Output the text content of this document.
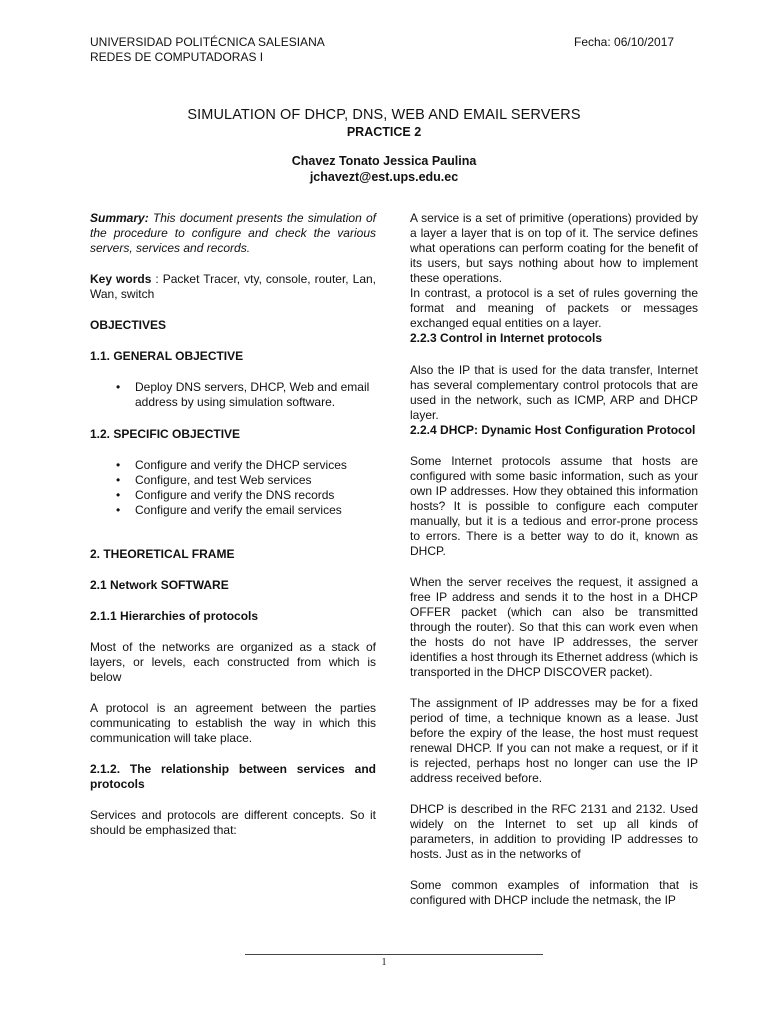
UNIVERSIDAD POLITÉCNICA SALESIANA
REDES DE COMPUTADORAS I
Fecha: 06/10/2017
SIMULATION OF DHCP, DNS, WEB AND EMAIL SERVERS
PRACTICE 2
Chavez Tonato Jessica Paulina
jchavezt@est.ups.edu.ec

Summary: This document presents the simulation of the procedure to configure and check the various servers, services and records.

Key words : Packet Tracer, vty, console, router, Lan, Wan, switch

OBJECTIVES

1.1. GENERAL OBJECTIVE

• Deploy DNS servers, DHCP, Web and email address by using simulation software.

1.2. SPECIFIC OBJECTIVE

• Configure and verify the DHCP services
• Configure, and test Web services
• Configure and verify the DNS records
• Configure and verify the email services

2. THEORETICAL FRAME

2.1 Network SOFTWARE

2.1.1 Hierarchies of protocols

Most of the networks are organized as a stack of layers, or levels, each constructed from which is below

A protocol is an agreement between the parties communicating to establish the way in which this communication will take place.

2.1.2. The relationship between services and protocols

Services and protocols are different concepts. So it should be emphasized that:

A service is a set of primitive (operations) provided by a layer a layer that is on top of it. The service defines what operations can perform coating for the benefit of its users, but says nothing about how to implement these operations.

In contrast, a protocol is a set of rules governing the format and meaning of packets or messages exchanged equal entities on a layer.

2.2.3 Control in Internet protocols

Also the IP that is used for the data transfer, Internet has several complementary control protocols that are used in the network, such as ICMP, ARP and DHCP layer.

2.2.4 DHCP: Dynamic Host Configuration Protocol

Some Internet protocols assume that hosts are configured with some basic information, such as your own IP addresses. How they obtained this information hosts? It is possible to configure each computer manually, but it is a tedious and error-prone process to errors. There is a better way to do it, known as DHCP.

When the server receives the request, it assigned a free IP address and sends it to the host in a DHCP OFFER packet (which can also be transmitted through the router). So that this can work even when the hosts do not have IP addresses, the server identifies a host through its Ethernet address (which is transported in the DHCP DISCOVER packet).

The assignment of IP addresses may be for a fixed period of time, a technique known as a lease. Just before the expiry of the lease, the host must request renewal DHCP. If you can not make a request, or if it is rejected, perhaps host no longer can use the IP address received before.

DHCP is described in the RFC 2131 and 2132. Used widely on the Internet to set up all kinds of parameters, in addition to providing IP addresses to hosts. Just as in the networks of

Some common examples of information that is configured with DHCP include the netmask, the IP

1
